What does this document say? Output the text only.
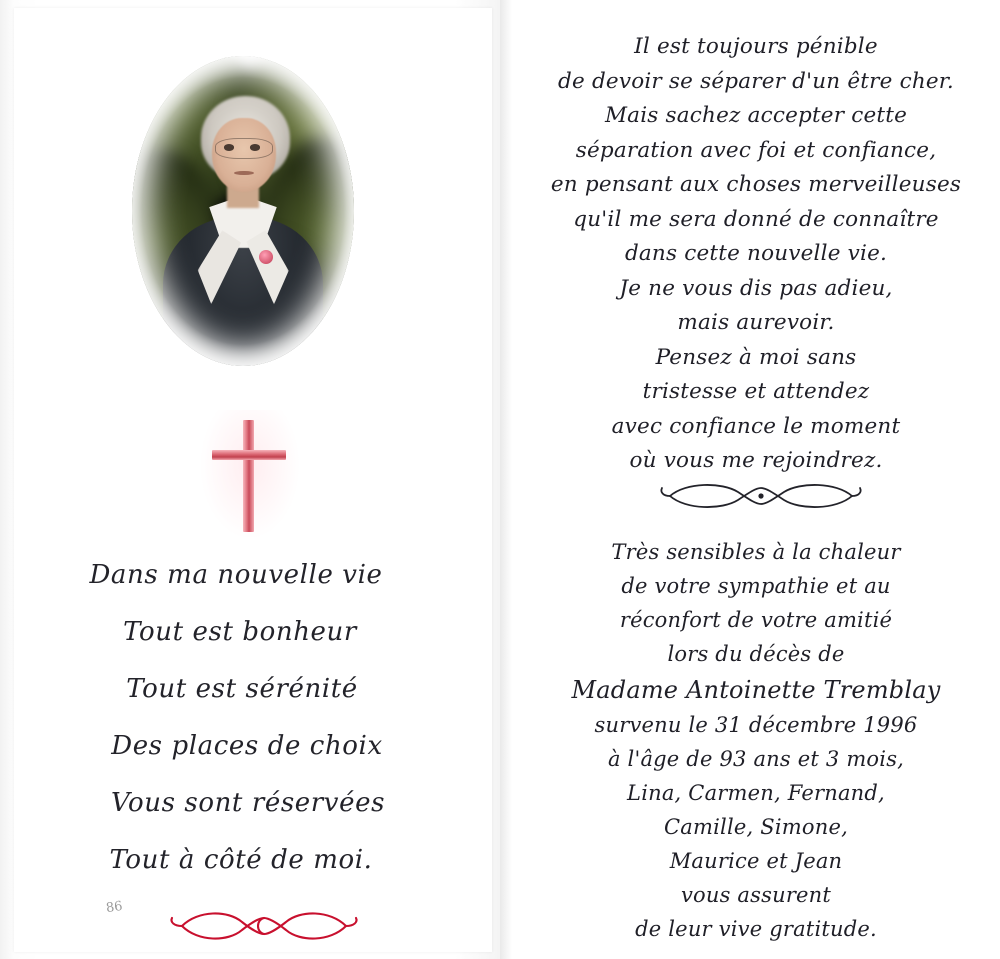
Dans ma nouvelle vie
Tout est bonheur
Tout est sérénité
Des places de choix
Vous sont réservées
Tout à côté de moi.
86
Il est toujours pénible
de devoir se séparer d'un être cher.
Mais sachez accepter cette
séparation avec foi et confiance,
en pensant aux choses merveilleuses
qu'il me sera donné de connaître
dans cette nouvelle vie.
Je ne vous dis pas adieu,
mais aurevoir.
Pensez à moi sans
tristesse et attendez
avec confiance le moment
où vous me rejoindrez.
Très sensibles à la chaleur
de votre sympathie et au
réconfort de votre amitié
lors du décès de
Madame Antoinette Tremblay
survenu le 31 décembre 1996
à l'âge de 93 ans et 3 mois,
Lina, Carmen, Fernand,
Camille, Simone,
Maurice et Jean
vous assurent
de leur vive gratitude.
